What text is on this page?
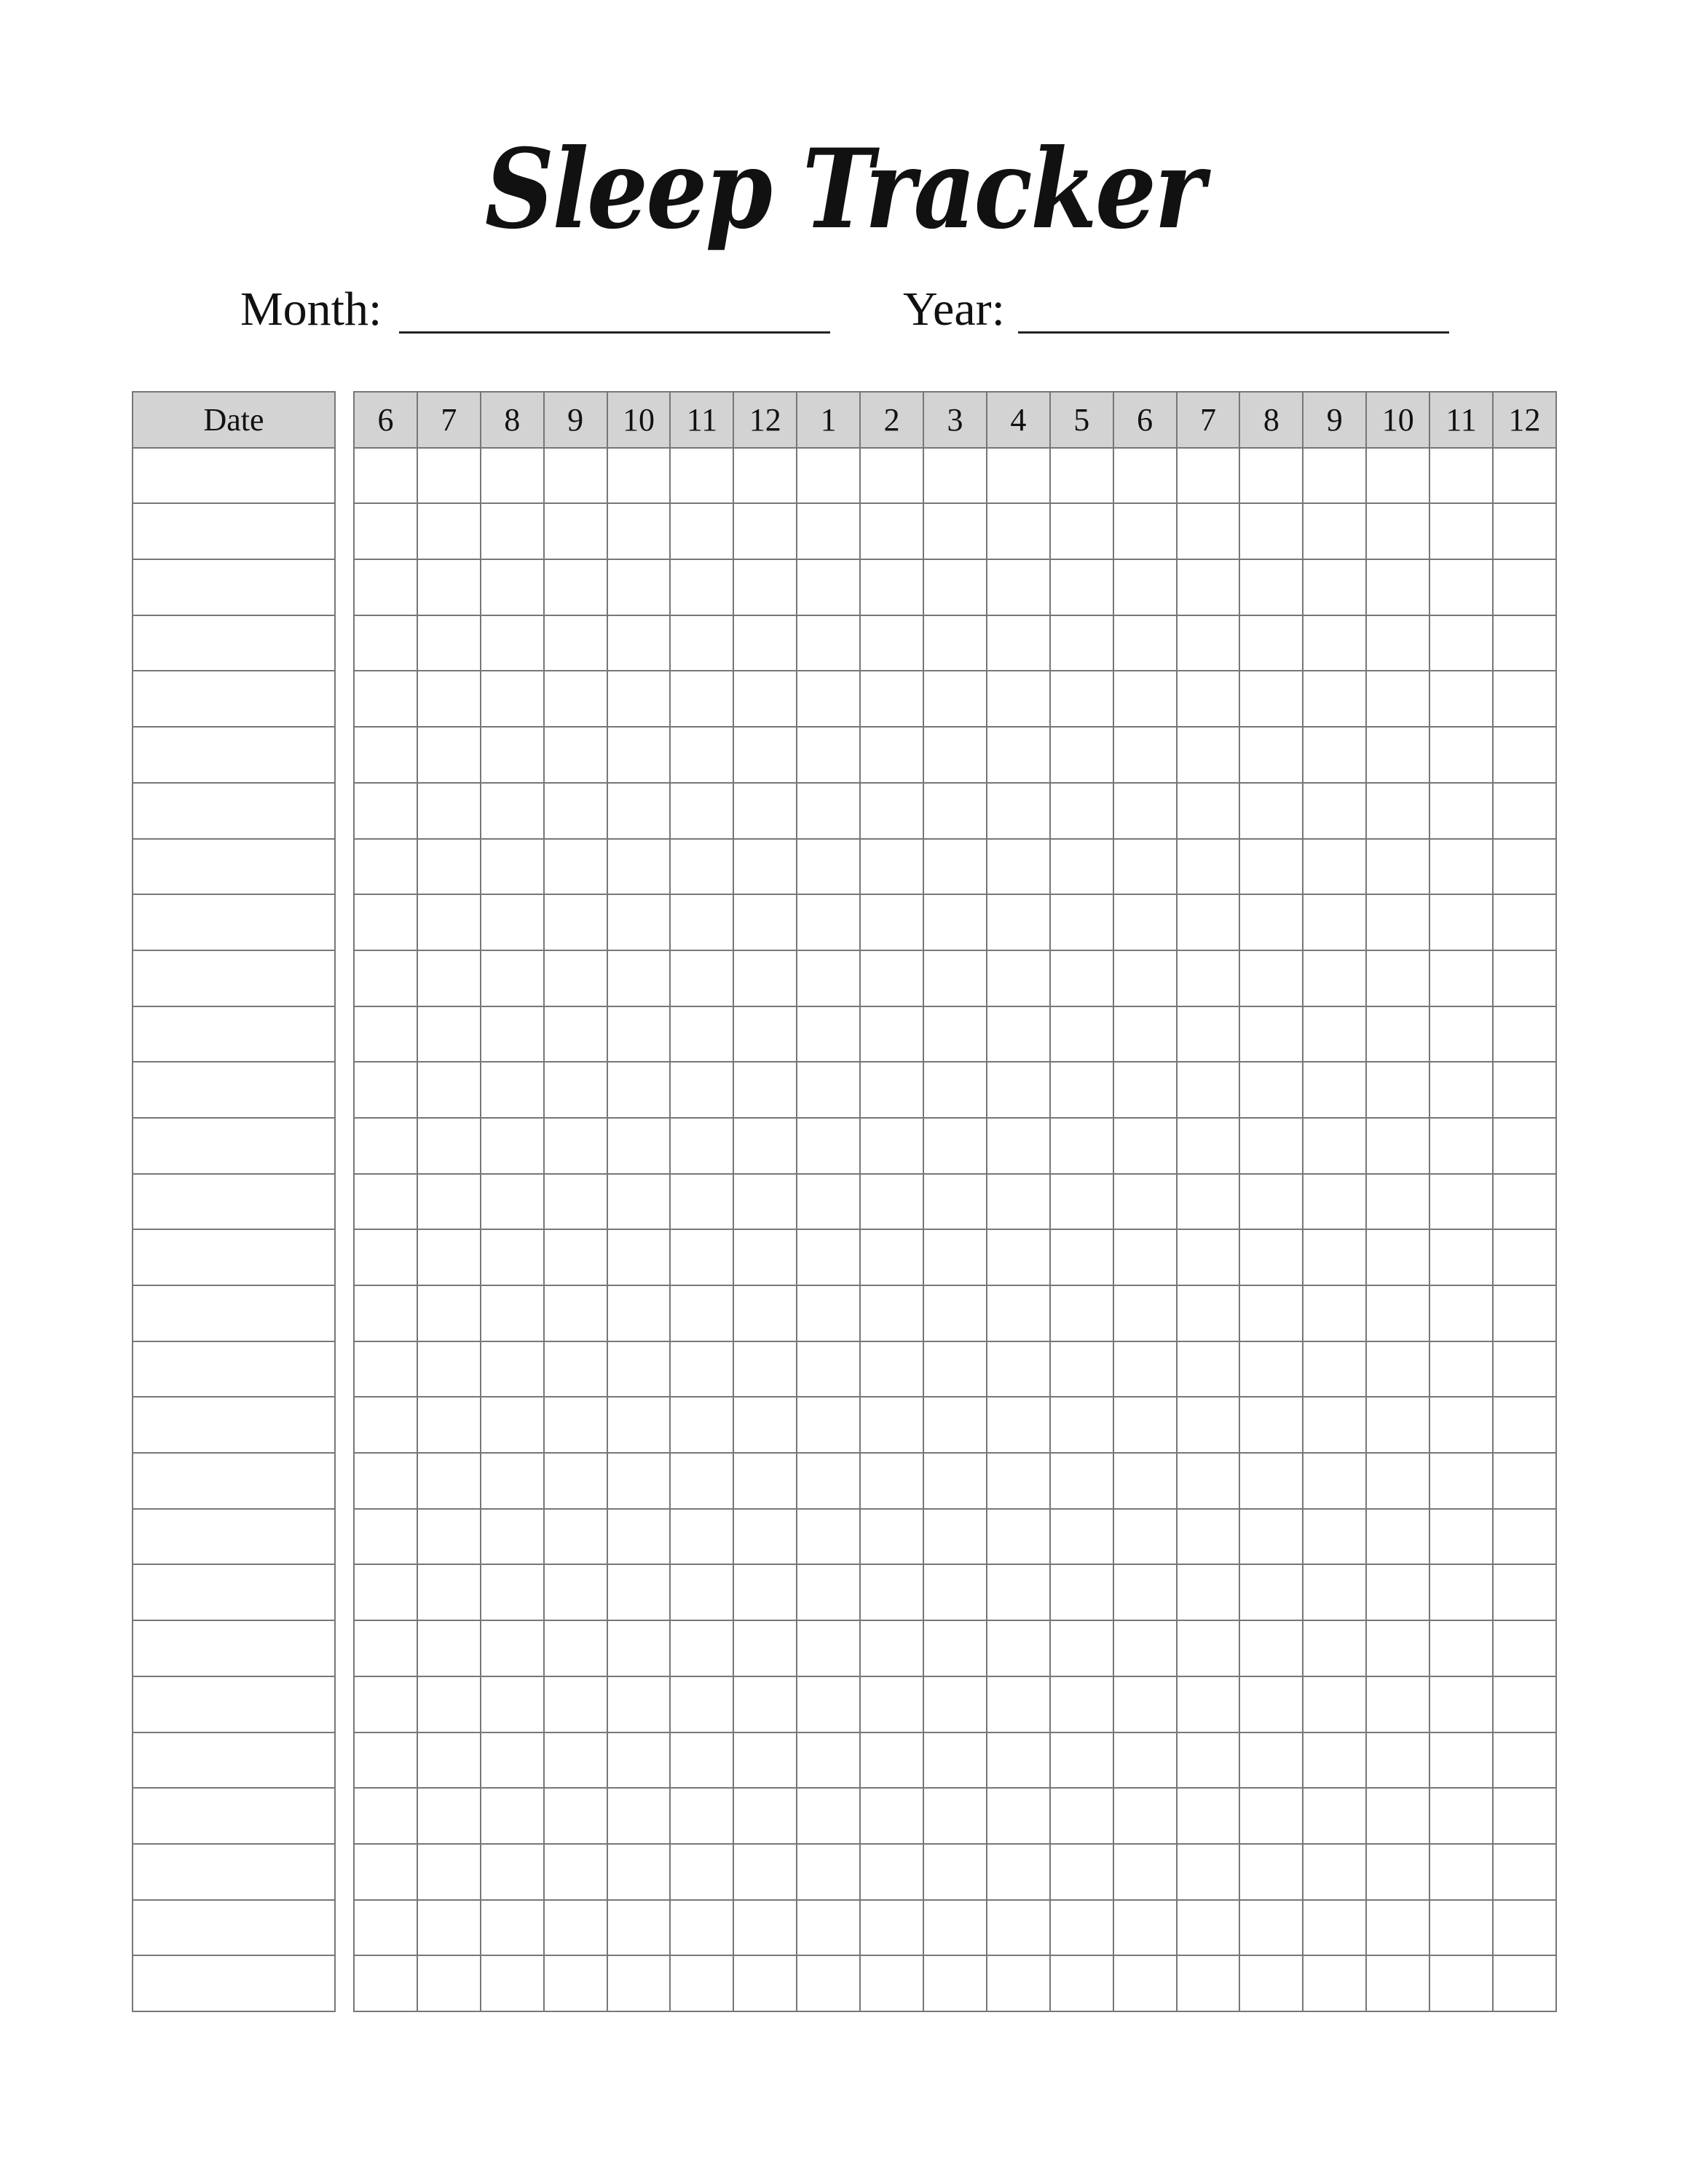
Sleep Tracker
Month:	Year:
Date	6	7	8	9	10	11	12	1	2	3	4	5	6	7	8	9	10	11	12
